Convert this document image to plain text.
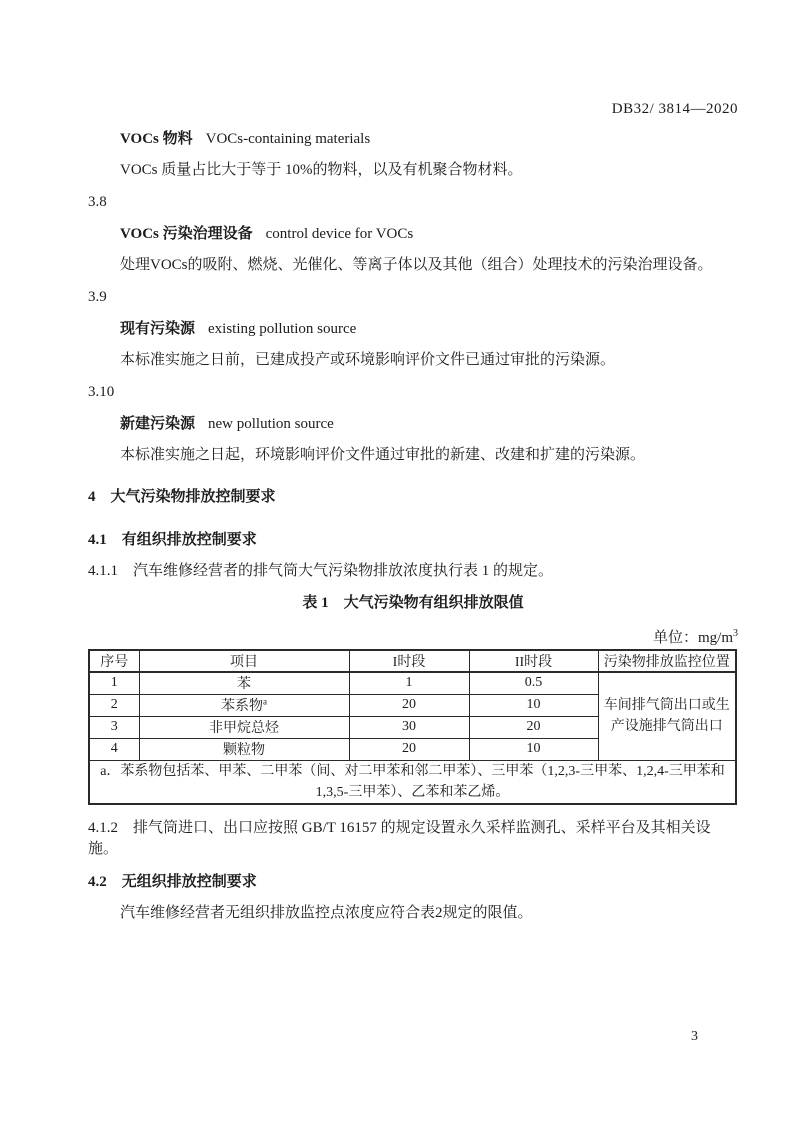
DB32/ 3814—2020
VOCs 物料 VOCs-containing materials
VOCs 质量占比大于等于 10%的物料，以及有机聚合物材料。
3.8
VOCs 污染治理设备 control device for VOCs
处理VOCs的吸附、燃烧、光催化、等离子体以及其他（组合）处理技术的污染治理设备。
3.9
现有污染源 existing pollution source
本标准实施之日前，已建成投产或环境影响评价文件已通过审批的污染源。
3.10
新建污染源 new pollution source
本标准实施之日起，环境影响评价文件通过审批的新建、改建和扩建的污染源。
4　大气污染物排放控制要求
4.1　有组织排放控制要求
4.1.1　汽车维修经营者的排气筒大气污染物排放浓度执行表 1 的规定。
表 1　大气污染物有组织排放限值
单位：$mg/m^3$
序号	项目	I时段	II时段	污染物排放监控位置
1	苯	1	0.5	车间排气筒出口或生产设施排气筒出口
2	苯系物$^a$	20	10	
3	非甲烷总烃	30	20	
4	颗粒物	20	10	
a．苯系物包括苯、甲苯、二甲苯（间、对二甲苯和邻二甲苯）、三甲苯（1,2,3-三甲苯、1,2,4-三甲苯和 1,3,5-三甲苯）、乙苯和苯乙烯。				
4.1.2　排气筒进口、出口应按照 GB/T 16157 的规定设置永久采样监测孔、采样平台及其相关设施。
4.2　无组织排放控制要求
汽车维修经营者无组织排放监控点浓度应符合表2规定的限值。
3
